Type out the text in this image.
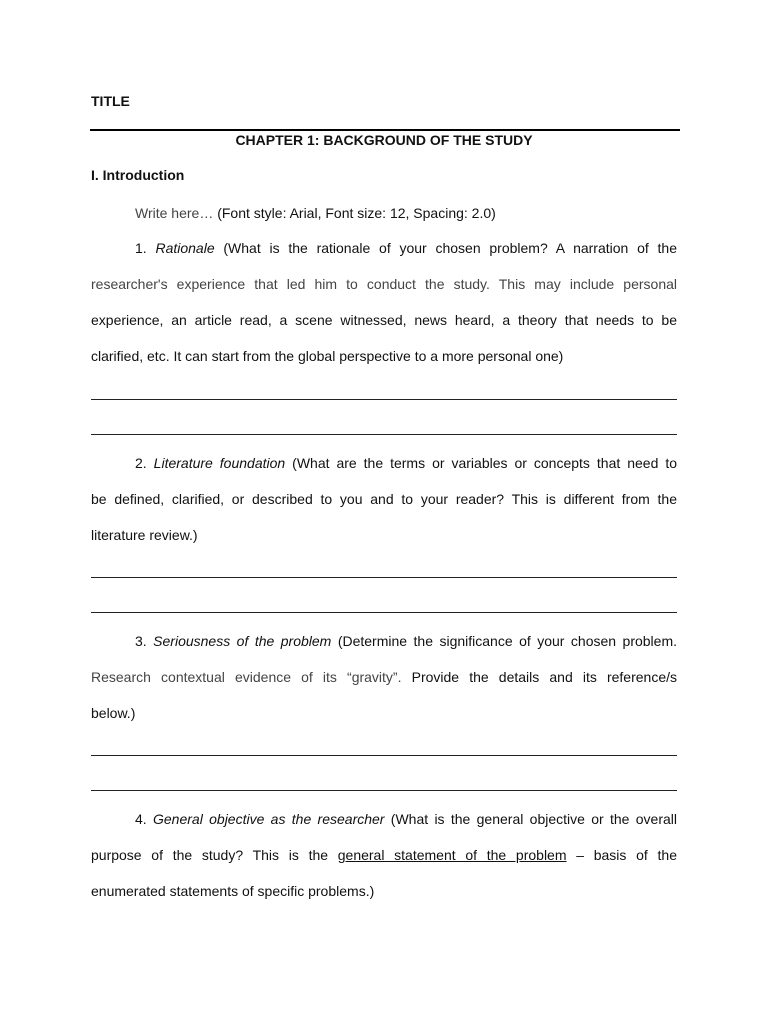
TITLE
CHAPTER 1: BACKGROUND OF THE STUDY
I. Introduction
Write here… (Font style: Arial, Font size: 12, Spacing: 2.0)
1. Rationale (What is the rationale of your chosen problem? A narration of the
researcher's experience that led him to conduct the study. This may include personal
experience, an article read, a scene witnessed, news heard, a theory that needs to be
clarified, etc. It can start from the global perspective to a more personal one)
2. Literature foundation (What are the terms or variables or concepts that need to
be defined, clarified, or described to you and to your reader? This is different from the
literature review.)
3. Seriousness of the problem (Determine the significance of your chosen problem.
Research contextual evidence of its “gravity”. Provide the details and its reference/s
below.)
4. General objective as the researcher (What is the general objective or the overall
purpose of the study? This is the general statement of the problem – basis of the
enumerated statements of specific problems.)
